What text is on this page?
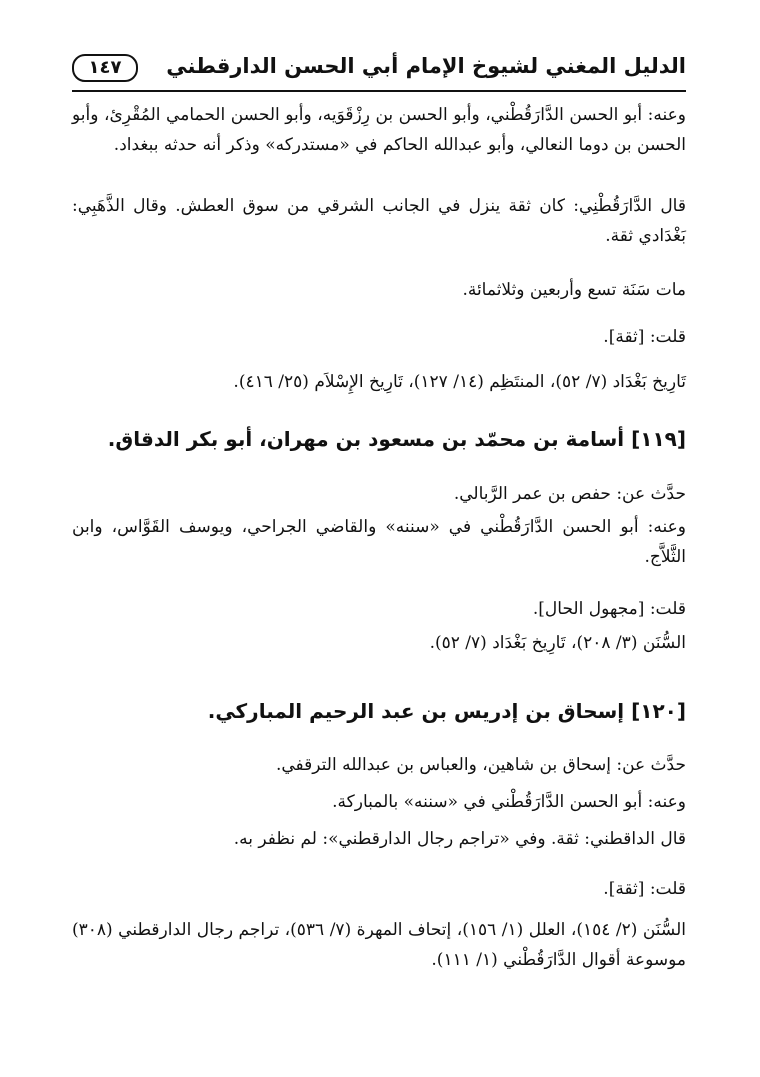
الدليل المغني لشيوخ الإمام أبي الحسن الدارقطني
١٤٧

وعنه: أبو الحسن الدَّارَقُطْني، وأبو الحسن بن رِزْقَوَيه، وأبو الحسن الحمامي المُقْرِئ، وأبو الحسن بن دوما النعالي، وأبو عبدالله الحاكم في «مستدركه» وذكر أنه حدثه ببغداد.

قال الدَّارَقُطْنِي: كان ثقة ينزل في الجانب الشرقي من سوق العطش. وقال الذَّهَبِي: بَغْدَادي ثقة.

مات سَنَة تسع وأربعين وثلاثمائة.

قلت: [ثقة].

تَارِيخ بَغْدَاد (٧/ ٥٢)، المنتَظِم (١٤/ ١٢٧)، تَارِيخ الإِسْلاَم (٢٥/ ٤١٦).

[١١٩] أسامة بن محمّد بن مسعود بن مهران، أبو بكر الدقاق.

حدَّث عن: حفص بن عمر الرَّبالي.

وعنه: أبو الحسن الدَّارَقُطْني في «سننه» والقاضي الجراحي، ويوسف القَوَّاس، وابن الثَّلاَّج.

قلت: [مجهول الحال].

السُّنَن (٣/ ٢٠٨)، تَارِيخ بَغْدَاد (٧/ ٥٢).

[١٢٠] إسحاق بن إدريس بن عبد الرحيم المباركي.

حدَّث عن: إسحاق بن شاهين، والعباس بن عبدالله الترقفي.

وعنه: أبو الحسن الدَّارَقُطْني في «سننه» بالمباركة.

قال الداقطني: ثقة. وفي «تراجم رجال الدارقطني»: لم نظفر به.

قلت: [ثقة].

السُّنَن (٢/ ١٥٤)، العلل (١/ ١٥٦)، إتحاف المهرة (٧/ ٥٣٦)، تراجم رجال الدارقطني (٣٠٨) موسوعة أقوال الدَّارَقُطْني (١/ ١١١).
